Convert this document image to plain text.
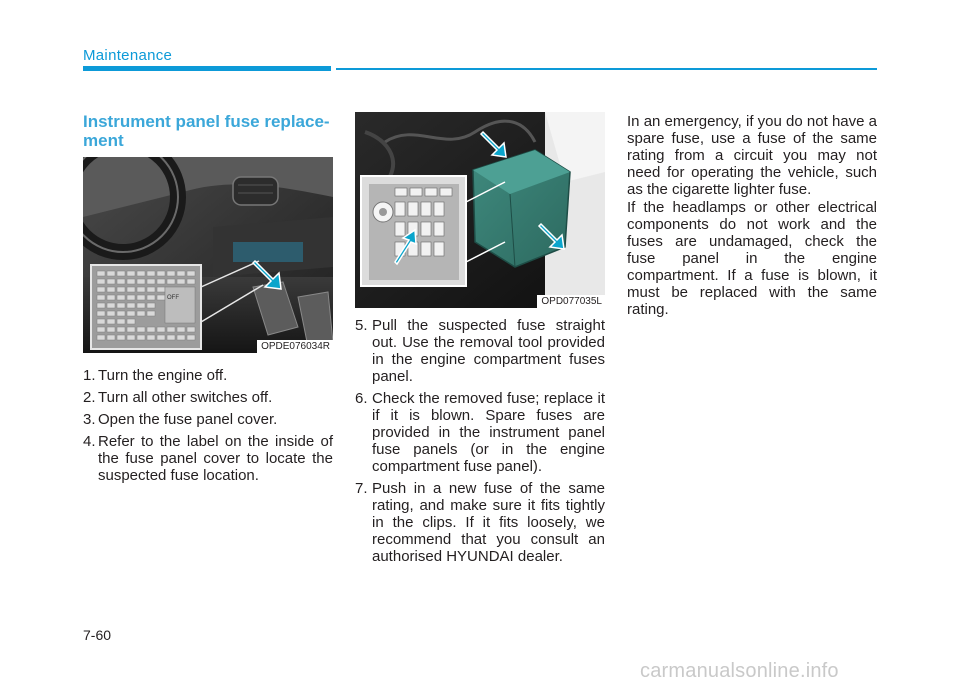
Maintenance
Instrument panel fuse replace-
ment
OFF
OPDE076034R
1. Turn the engine off.
2. Turn all other switches off.
3. Open the fuse panel cover.
4. Refer to the label on the inside of the fuse panel cover to locate the suspected fuse location.
OPD077035L
5. Pull the suspected fuse straight out. Use the removal tool provided in the engine compartment fuses panel.
6. Check the removed fuse; replace it if it is blown. Spare fuses are provided in the instrument panel fuse panels (or in the engine compartment fuse panel).
7. Push in a new fuse of the same rating, and make sure it fits tightly in the clips. If it fits loosely, we recommend that you consult an authorised HYUNDAI dealer.

In an emergency, if you do not have a spare fuse, use a fuse of the same rating from a circuit you may not need for operating the vehicle, such as the cigarette lighter fuse.

If the headlamps or other electrical components do not work and the fuses are undamaged, check the fuse panel in the engine compartment. If a fuse is blown, it must be replaced with the same rating.

7-60
carmanualsonline.info
